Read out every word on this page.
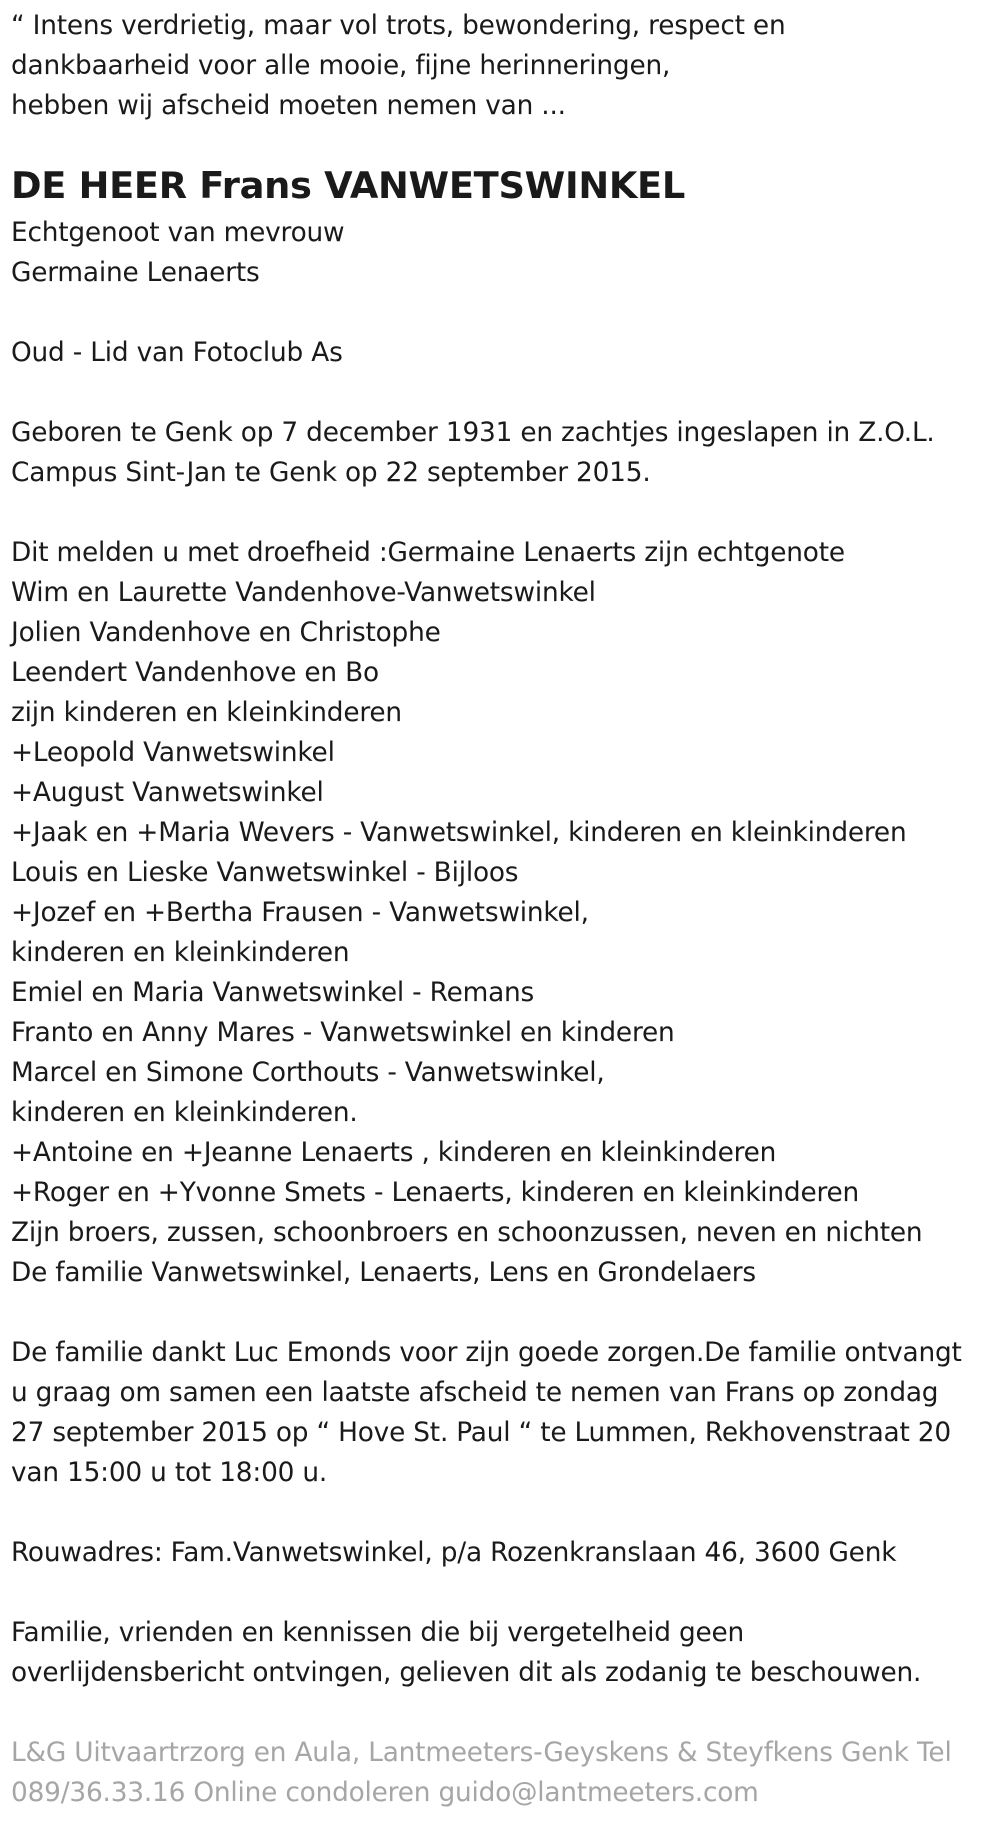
“ Intens verdrietig, maar vol trots, bewondering, respect en
dankbaarheid voor alle mooie, fijne herinneringen,
hebben wij afscheid moeten nemen van ...
DE HEER Frans VANWETSWINKEL
Echtgenoot van mevrouw
Germaine Lenaerts
Oud - Lid van Fotoclub As
Geboren te Genk op 7 december 1931 en zachtjes ingeslapen in Z.O.L.
Campus Sint-Jan te Genk op 22 september 2015.
Dit melden u met droefheid :Germaine Lenaerts zijn echtgenote
Wim en Laurette Vandenhove-Vanwetswinkel
Jolien Vandenhove en Christophe
Leendert Vandenhove en Bo
zijn kinderen en kleinkinderen
+Leopold Vanwetswinkel
+August Vanwetswinkel
+Jaak en +Maria Wevers - Vanwetswinkel, kinderen en kleinkinderen
Louis en Lieske Vanwetswinkel - Bijloos
+Jozef en +Bertha Frausen - Vanwetswinkel,
kinderen en kleinkinderen
Emiel en Maria Vanwetswinkel - Remans
Franto en Anny Mares - Vanwetswinkel en kinderen
Marcel en Simone Corthouts - Vanwetswinkel,
kinderen en kleinkinderen.
+Antoine en +Jeanne Lenaerts , kinderen en kleinkinderen
+Roger en +Yvonne Smets - Lenaerts, kinderen en kleinkinderen
Zijn broers, zussen, schoonbroers en schoonzussen, neven en nichten
De familie Vanwetswinkel, Lenaerts, Lens en Grondelaers
De familie dankt Luc Emonds voor zijn goede zorgen.De familie ontvangt
u graag om samen een laatste afscheid te nemen van Frans op zondag
27 september 2015 op “ Hove St. Paul “ te Lummen, Rekhovenstraat 20
van 15:00 u tot 18:00 u.
Rouwadres: Fam.Vanwetswinkel, p/a Rozenkranslaan 46, 3600 Genk
Familie, vrienden en kennissen die bij vergetelheid geen
overlijdensbericht ontvingen, gelieven dit als zodanig te beschouwen.
L&G Uitvaartrzorg en Aula, Lantmeeters-Geyskens & Steyfkens Genk Tel
089/36.33.16 Online condoleren guido@lantmeeters.com
